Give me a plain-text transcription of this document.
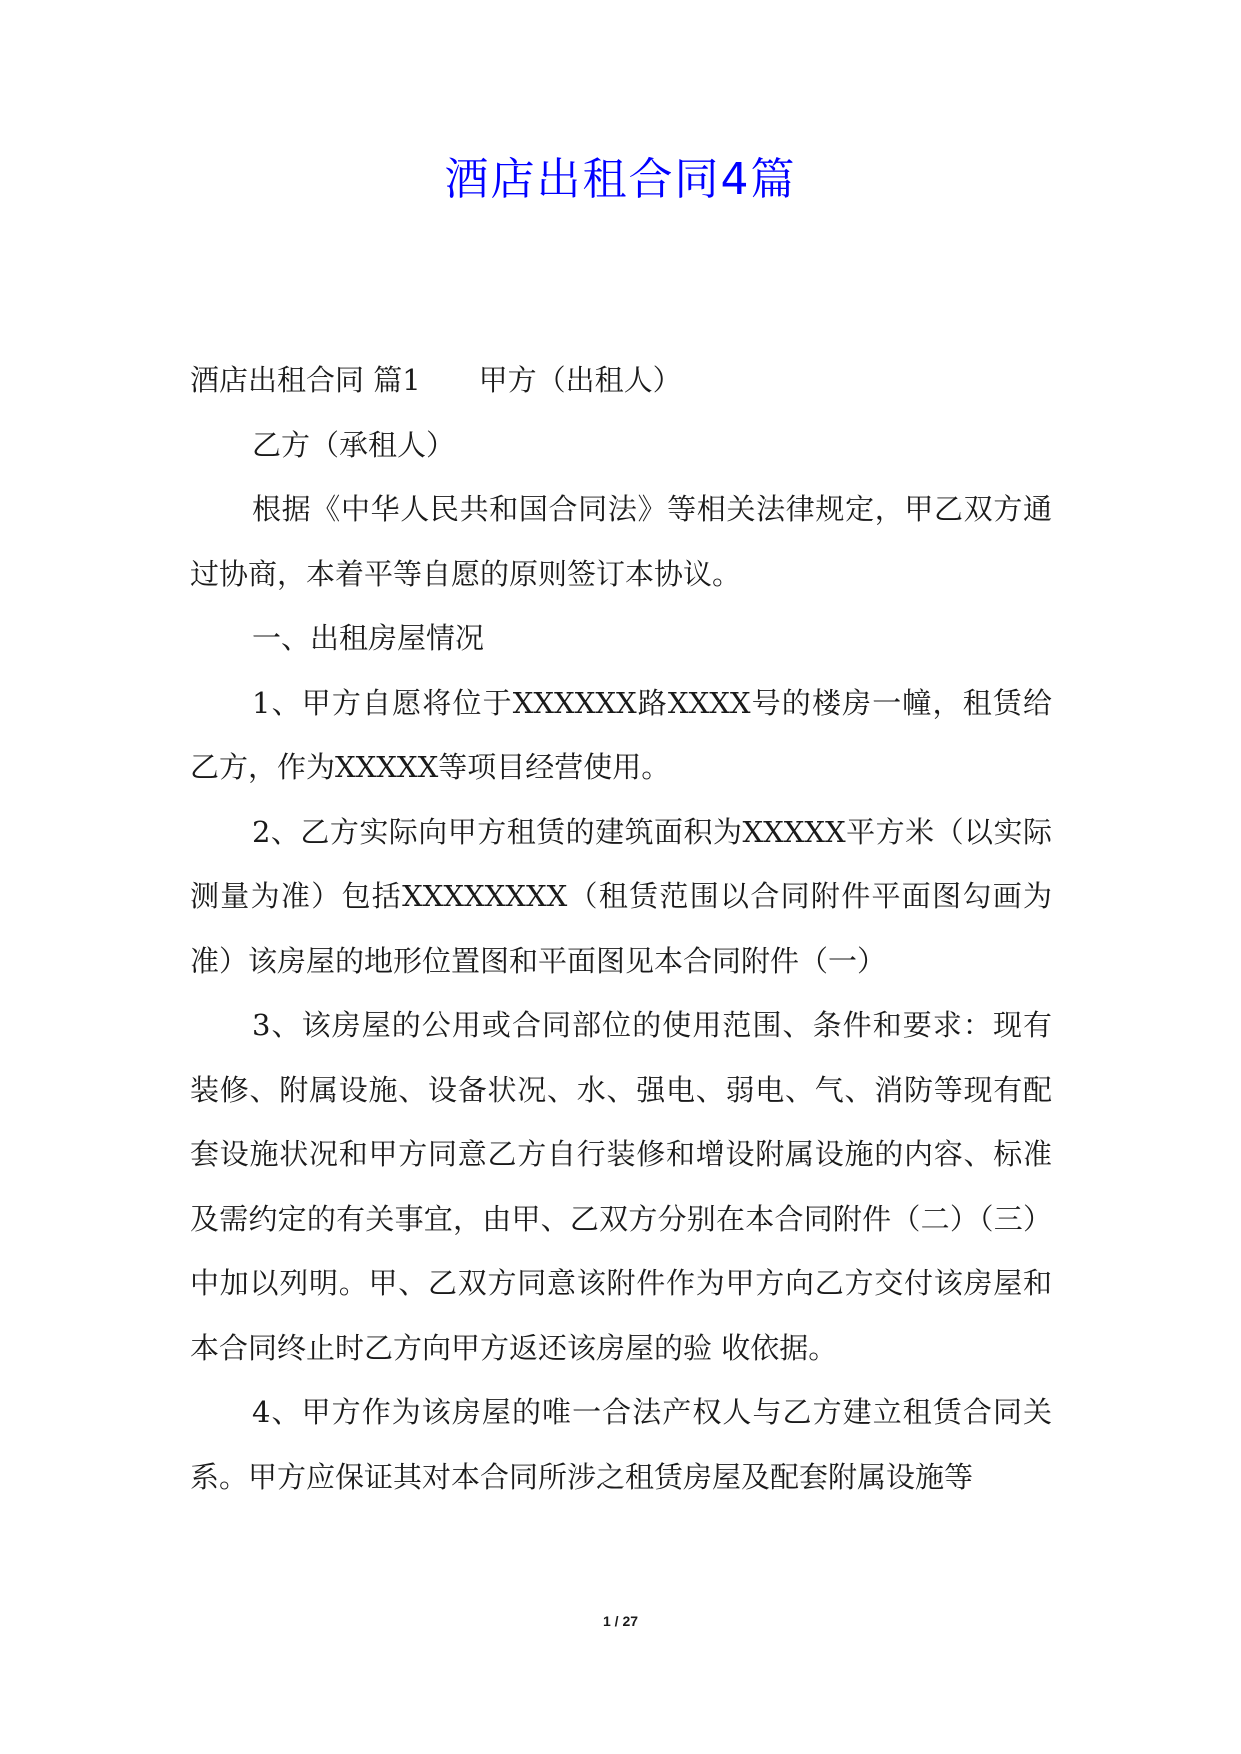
酒店出租合同4篇

酒店出租合同 篇1 甲方（出租人）

乙方（承租人）

根据《中华人民共和国合同法》等相关法律规定，甲乙双方通过协商，本着平等自愿的原则签订本协议。

一、出租房屋情况

1、甲方自愿将位于XXXXXX路XXXX号的楼房一幢，租赁给乙方，作为XXXXX等项目经营使用。

2、乙方实际向甲方租赁的建筑面积为XXXXX平方米（以实际测量为准）包括XXXXXXXX（租赁范围以合同附件平面图勾画为准）该房屋的地形位置图和平面图见本合同附件（一）

3、该房屋的公用或合同部位的使用范围、条件和要求：现有装修、附属设施、设备状况、水、强电、弱电、气、消防等现有配套设施状况和甲方同意乙方自行装修和增设附属设施的内容、标准及需约定的有关事宜，由甲、乙双方分别在本合同附件（二）（三）中加以列明。甲、乙双方同意该附件作为甲方向乙方交付该房屋和本合同终止时乙方向甲方返还该房屋的验 收依据。

4、甲方作为该房屋的唯一合法产权人与乙方建立租赁合同关系。甲方应保证其对本合同所涉之租赁房屋及配套附属设施等

1 / 27
